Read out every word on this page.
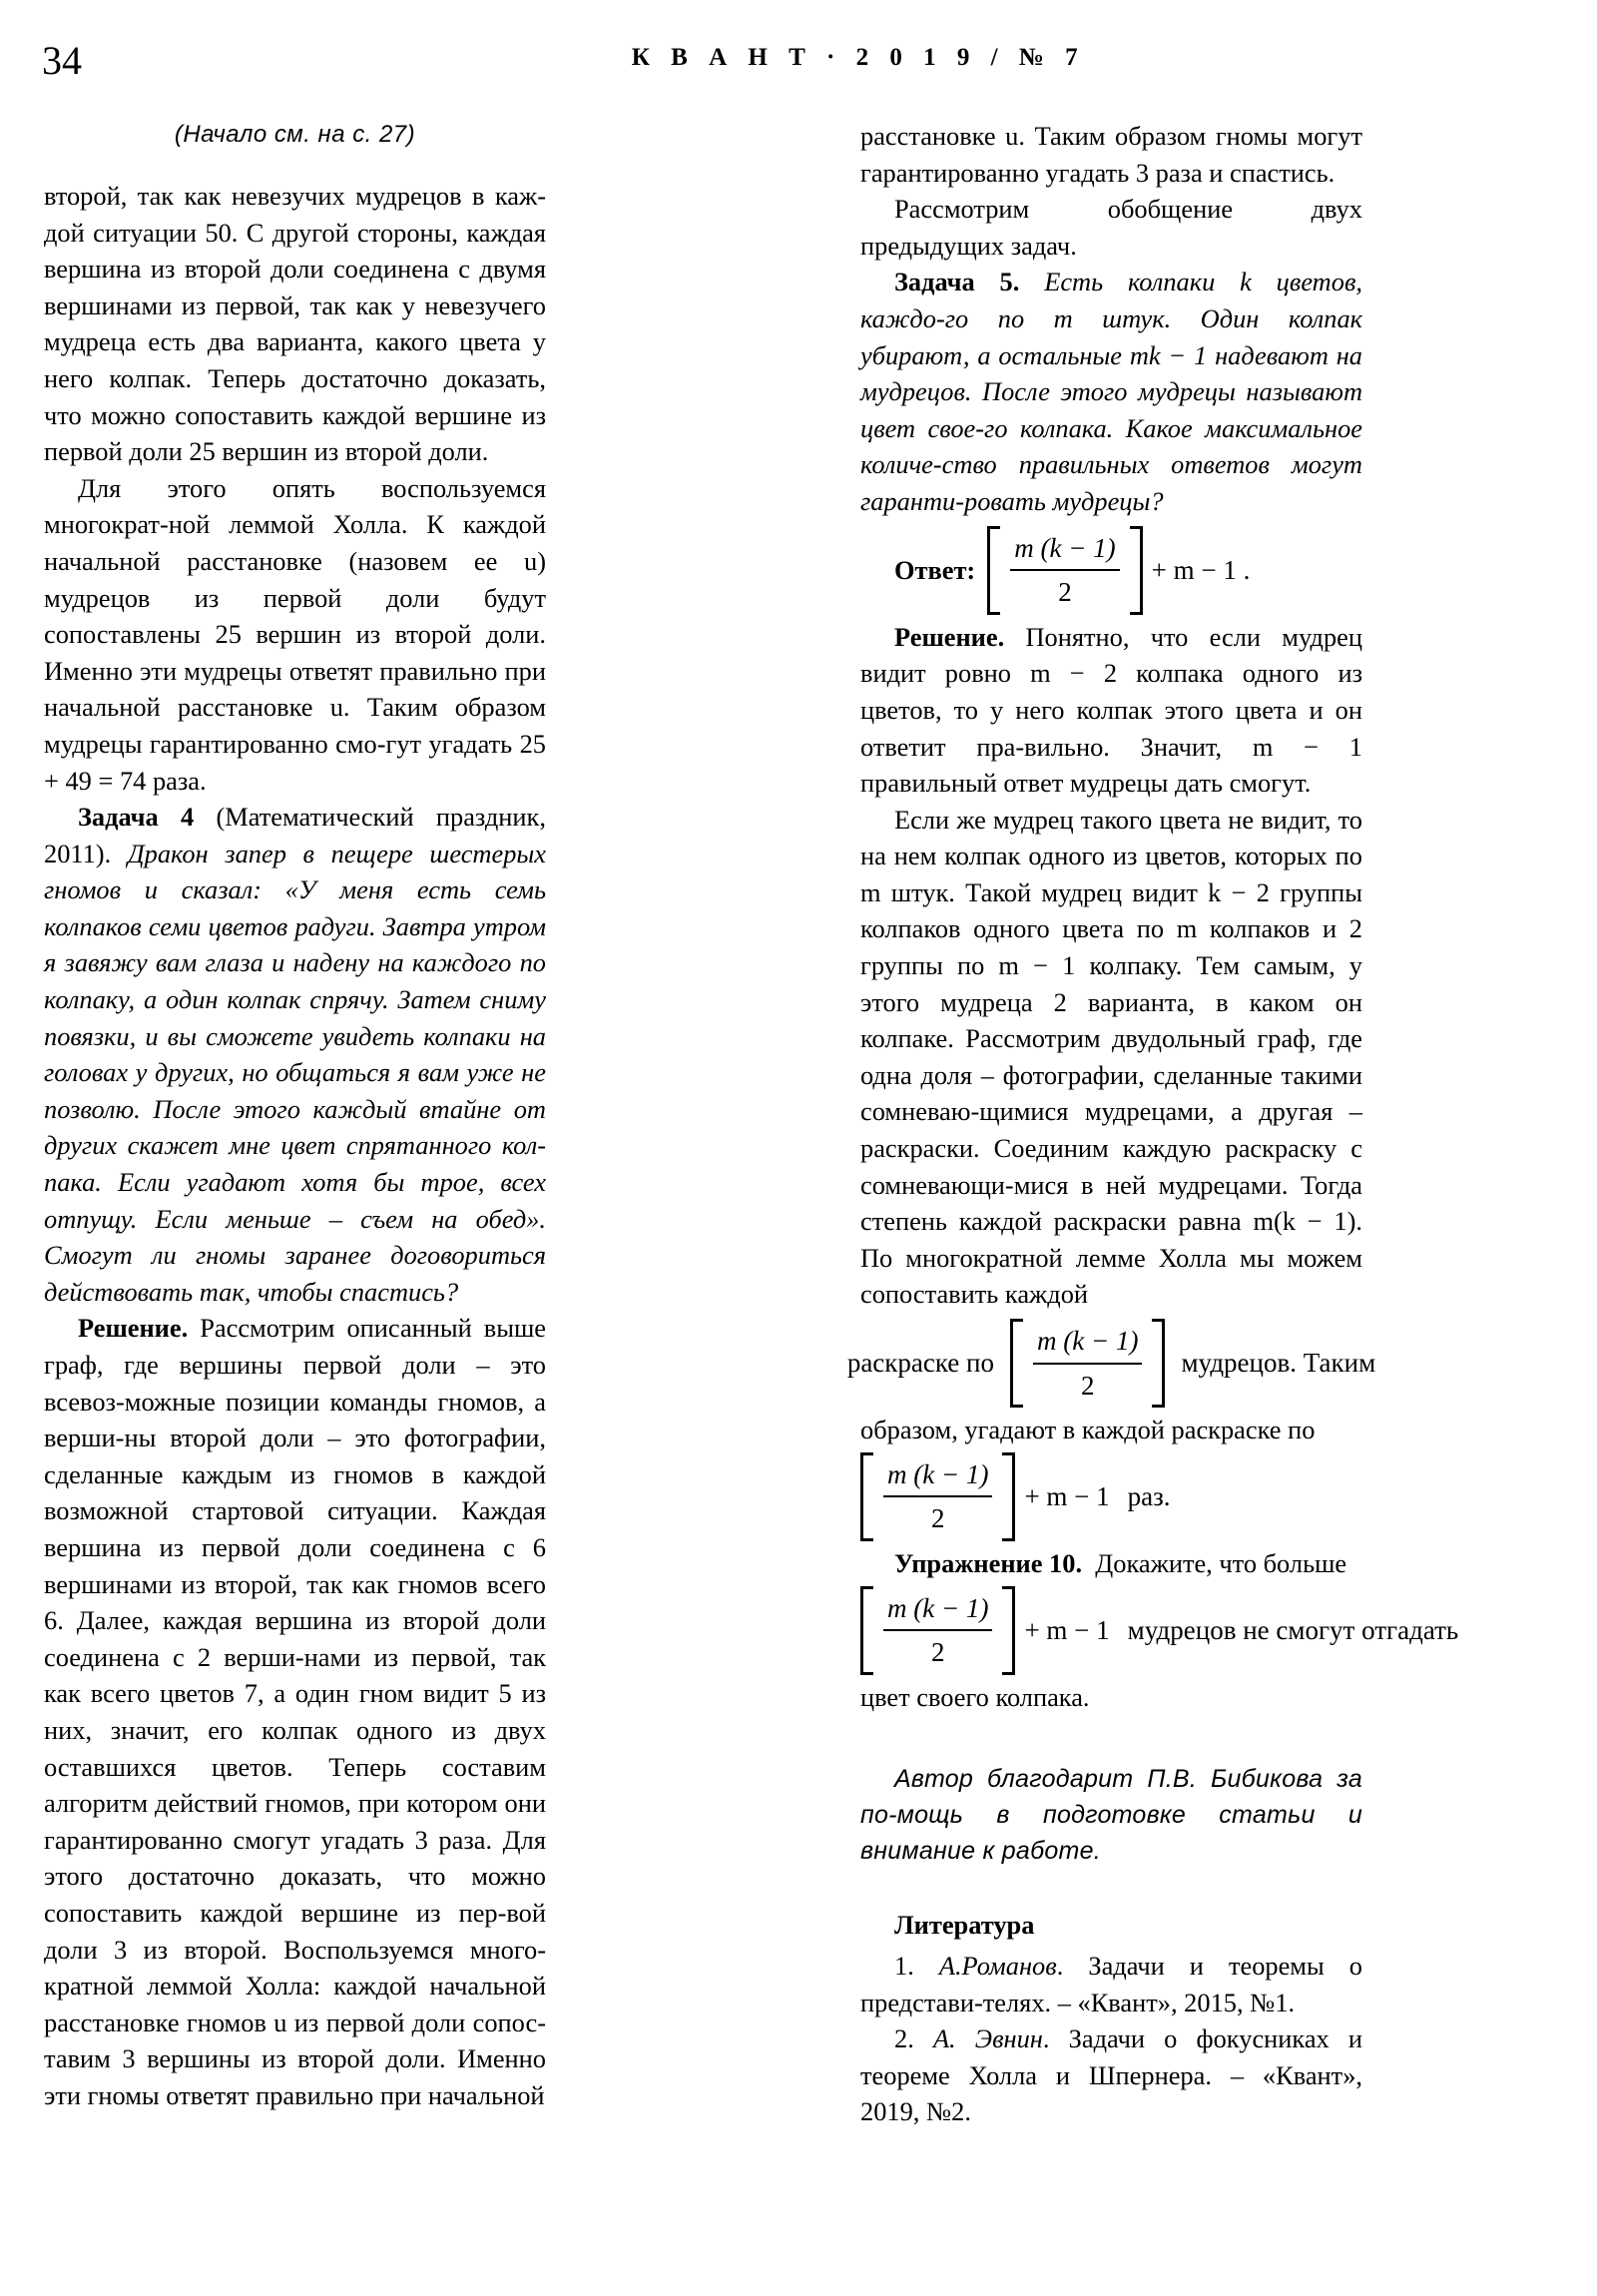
34	К В А Н Т · 2 0 1 9 / № 7
(Начало см. на с. 27)

второй, так как невезучих мудрецов в каж-дой ситуации 50. С другой стороны, каждая вершина из второй доли соединена с двумя вершинами из первой, так как у невезучего мудреца есть два варианта, какого цвета у него колпак. Теперь достаточно доказать, что можно сопоставить каждой вершине из первой доли 25 вершин из второй доли.

Для этого опять воспользуемся многократ-ной леммой Холла. К каждой начальной расстановке (назовем ее u) мудрецов из первой доли будут сопоставлены 25 вершин из второй доли. Именно эти мудрецы ответят правильно при начальной расстановке u. Таким образом мудрецы гарантированно смо-гут угадать 25 + 49 = 74 раза.

Задача 4 (Математический праздник, 2011). Дракон запер в пещере шестерых гномов и сказал: «У меня есть семь колпаков семи цветов радуги. Завтра утром я завяжу вам глаза и надену на каждого по колпаку, а один колпак спрячу. Затем сниму повязки, и вы сможете увидеть колпаки на головах у других, но общаться я вам уже не позволю. После этого каждый втайне от других скажет мне цвет спрятанного кол-пака. Если угадают хотя бы трое, всех отпущу. Если меньше – съем на обед». Смогут ли гномы заранее договориться действовать так, чтобы спастись?

Решение. Рассмотрим описанный выше граф, где вершины первой доли – это всевоз-можные позиции команды гномов, а верши-ны второй доли – это фотографии, сделанные каждым из гномов в каждой возможной стартовой ситуации. Каждая вершина из первой доли соединена с 6 вершинами из второй, так как гномов всего 6. Далее, каждая вершина из второй доли соединена с 2 верши-нами из первой, так как всего цветов 7, а один гном видит 5 из них, значит, его колпак одного из двух оставшихся цветов. Теперь составим алгоритм действий гномов, при котором они гарантированно смогут угадать 3 раза. Для этого достаточно доказать, что можно сопоставить каждой вершине из пер-вой доли 3 из второй. Воспользуемся много-кратной леммой Холла: каждой начальной расстановке гномов u из первой доли сопос-тавим 3 вершины из второй доли. Именно эти гномы ответят правильно при начальной

расстановке u. Таким образом гномы могут гарантированно угадать 3 раза и спастись.

Рассмотрим обобщение двух предыдущих задач.

Задача 5. Есть колпаки k цветов, каждо-го по m штук. Один колпак убирают, а остальные mk − 1 надевают на мудрецов. После этого мудрецы называют цвет свое-го колпака. Какое максимальное количе-ство правильных ответов могут гаранти-ровать мудрецы?

Ответ: $\frac{m (k - 1)}{2} + m - 1$ .

Решение. Понятно, что если мудрец видит ровно m − 2 колпака одного из цветов, то у него колпак этого цвета и он ответит пра-вильно. Значит, m − 1 правильный ответ мудрецы дать смогут.

Если же мудрец такого цвета не видит, то на нем колпак одного из цветов, которых по m штук. Такой мудрец видит k − 2 группы колпаков одного цвета по m колпаков и 2 группы по m − 1 колпаку. Тем самым, у этого мудреца 2 варианта, в каком он колпаке. Рассмотрим двудольный граф, где одна доля – фотографии, сделанные такими сомневаю-щимися мудрецами, а другая – раскраски. Соединим каждую раскраску с сомневающи-мися в ней мудрецами. Тогда степень каждой раскраски равна m(k − 1). По многократной лемме Холла мы можем сопоставить каждой

раскраске по	$\frac{m (k - 1)}{2}$	мудрецов. Таким

образом, угадают в каждой раскраске по

$\frac{m (k - 1)}{2} + m - 1$ раз.

Упражнение 10. Докажите, что больше

$\frac{m (k - 1)}{2} + m - 1$ мудрецов не смогут отгадать

цвет своего колпака.

Автор благодарит П.В. Бибикова за по-мощь в подготовке статьи и внимание к работе.

Литература

1. А.Романов. Задачи и теоремы о представи-телях. – «Квант», 2015, №1.

2. А. Эвнин. Задачи о фокусниках и теореме Холла и Шпернера. – «Квант», 2019, №2.
